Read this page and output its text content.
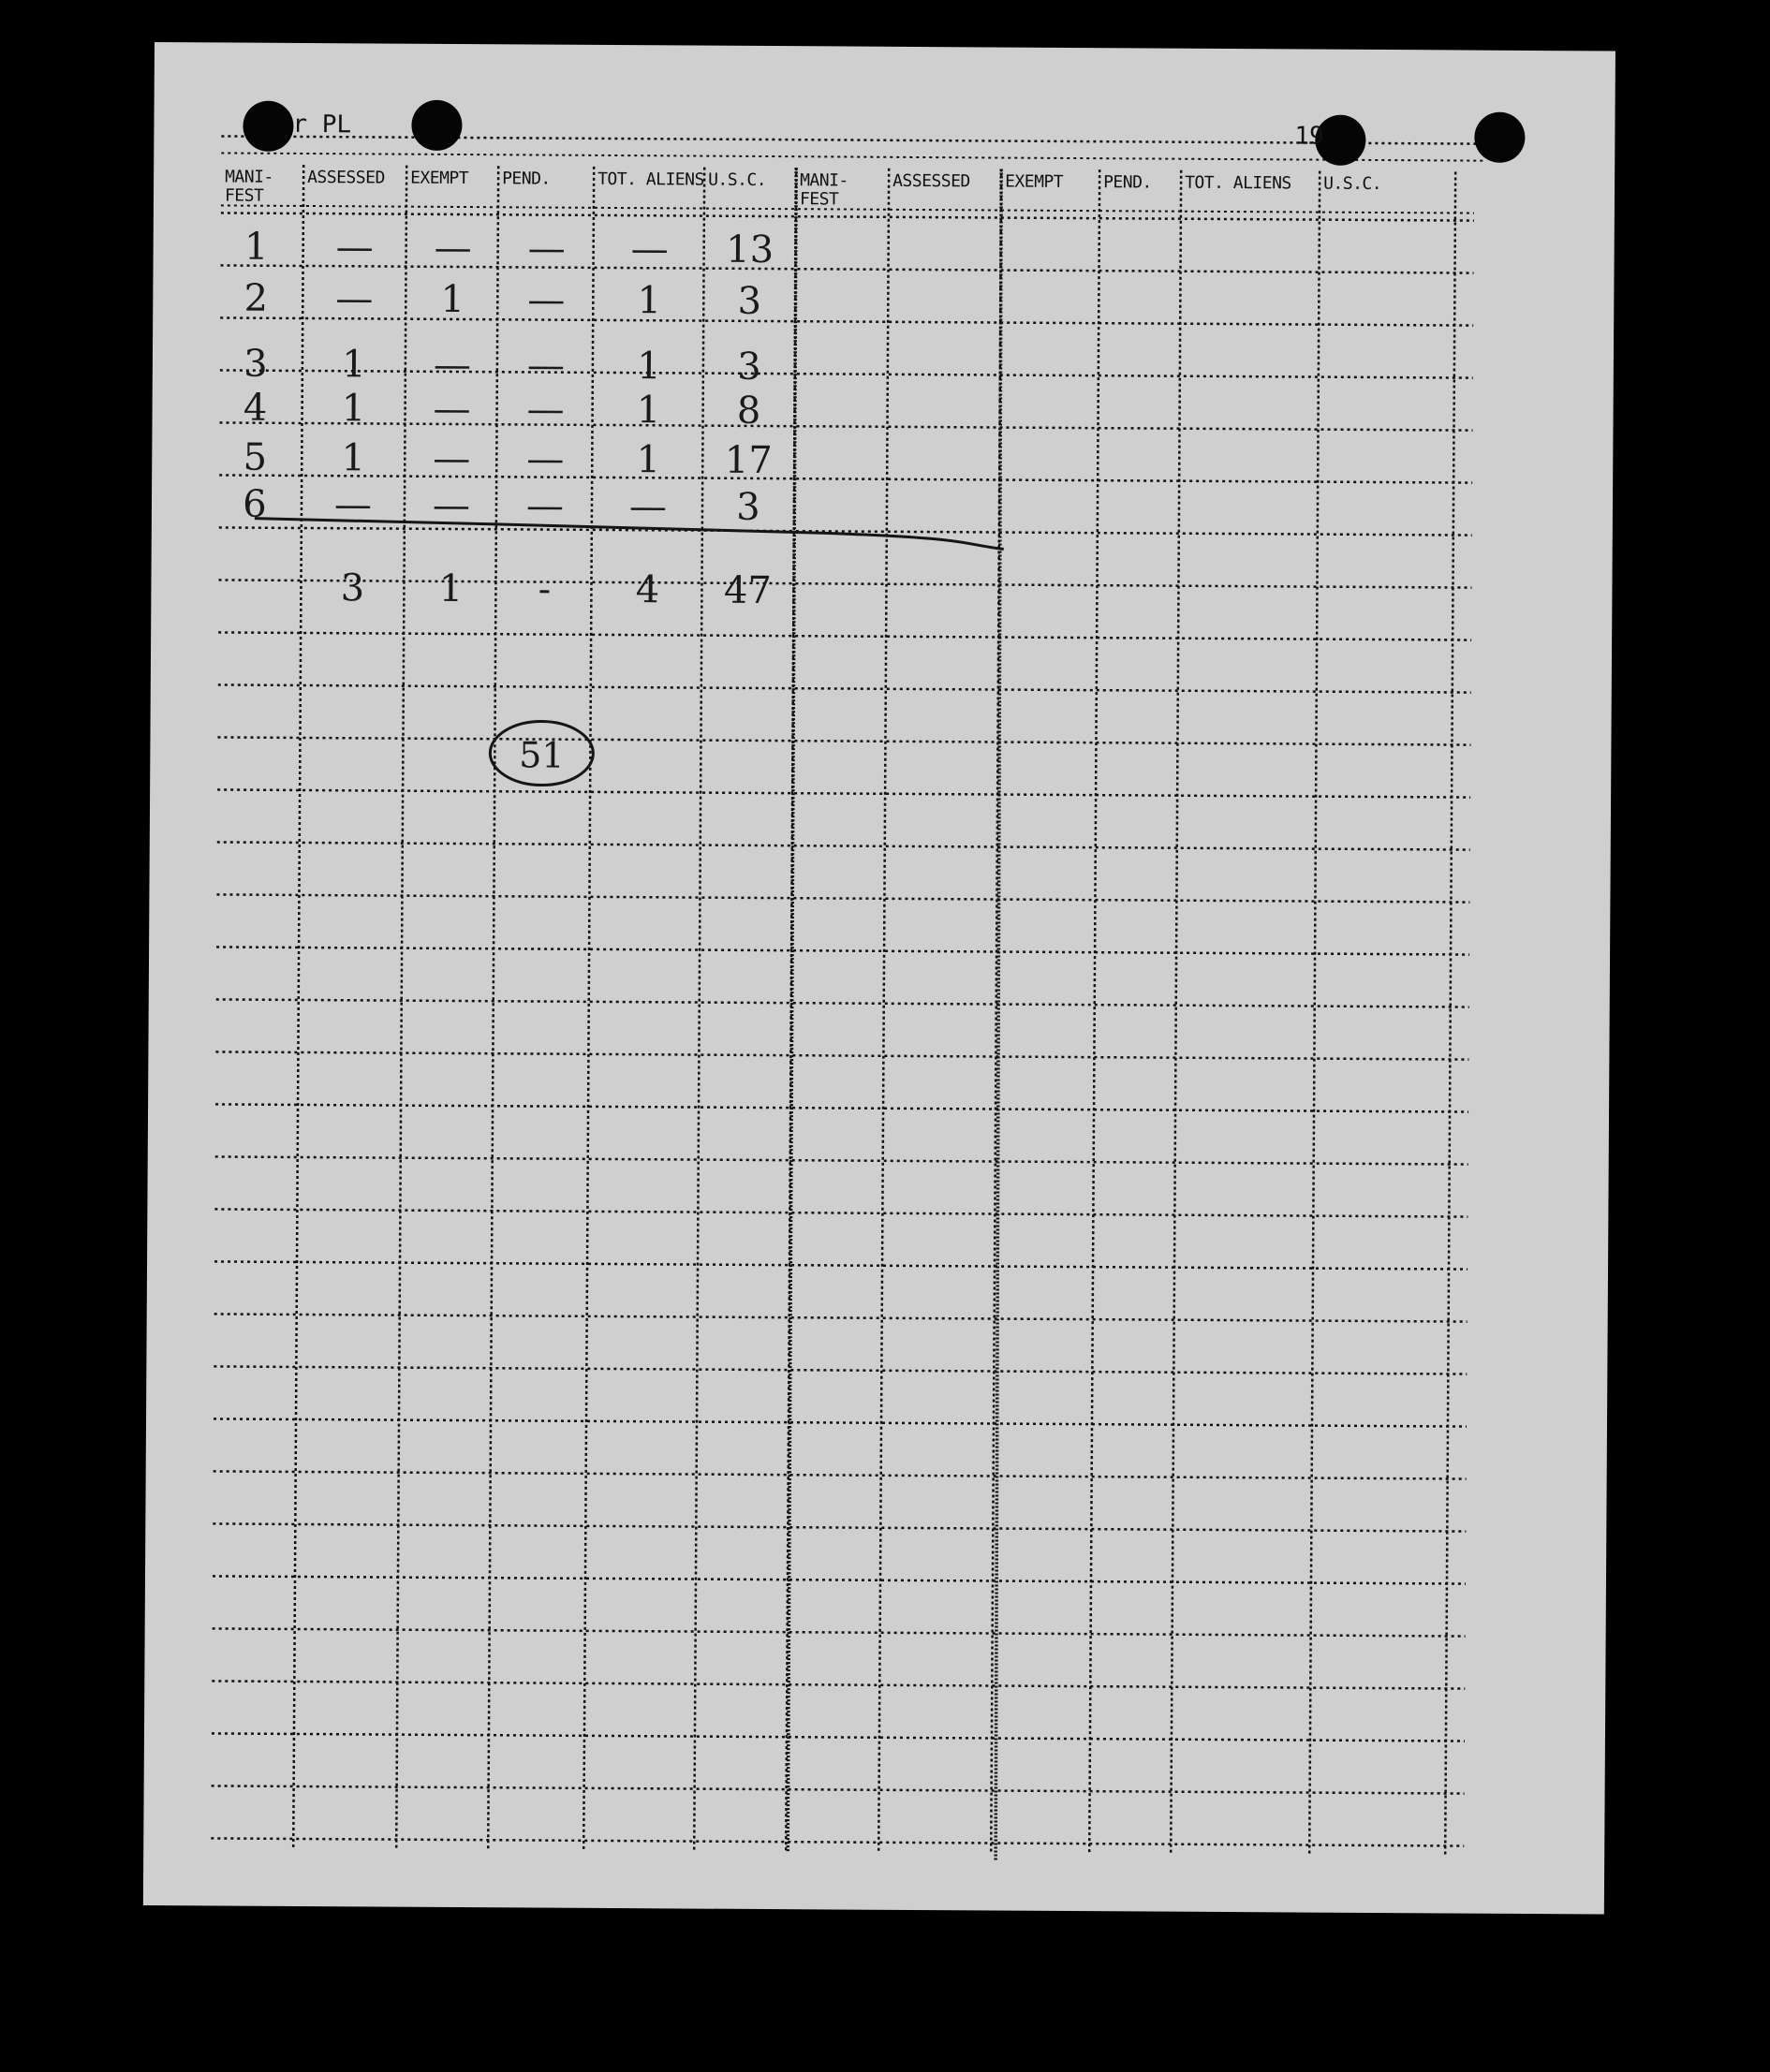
r PL	19
MANI-
FEST
ASSESSED EXEMPT PEND.	TOT. ALIENS U.S.C. MANI-
FEST
ASSESSED EXEMPT PEND. TOT. ALIENS U.S.C.
1 — — — — 13
2 — 1 — 1 3
3 1 — — 1 3
4 1 — — 1 8
5 1 — — 1 17
6 — — — — 3
3 1 - 4 47
51
